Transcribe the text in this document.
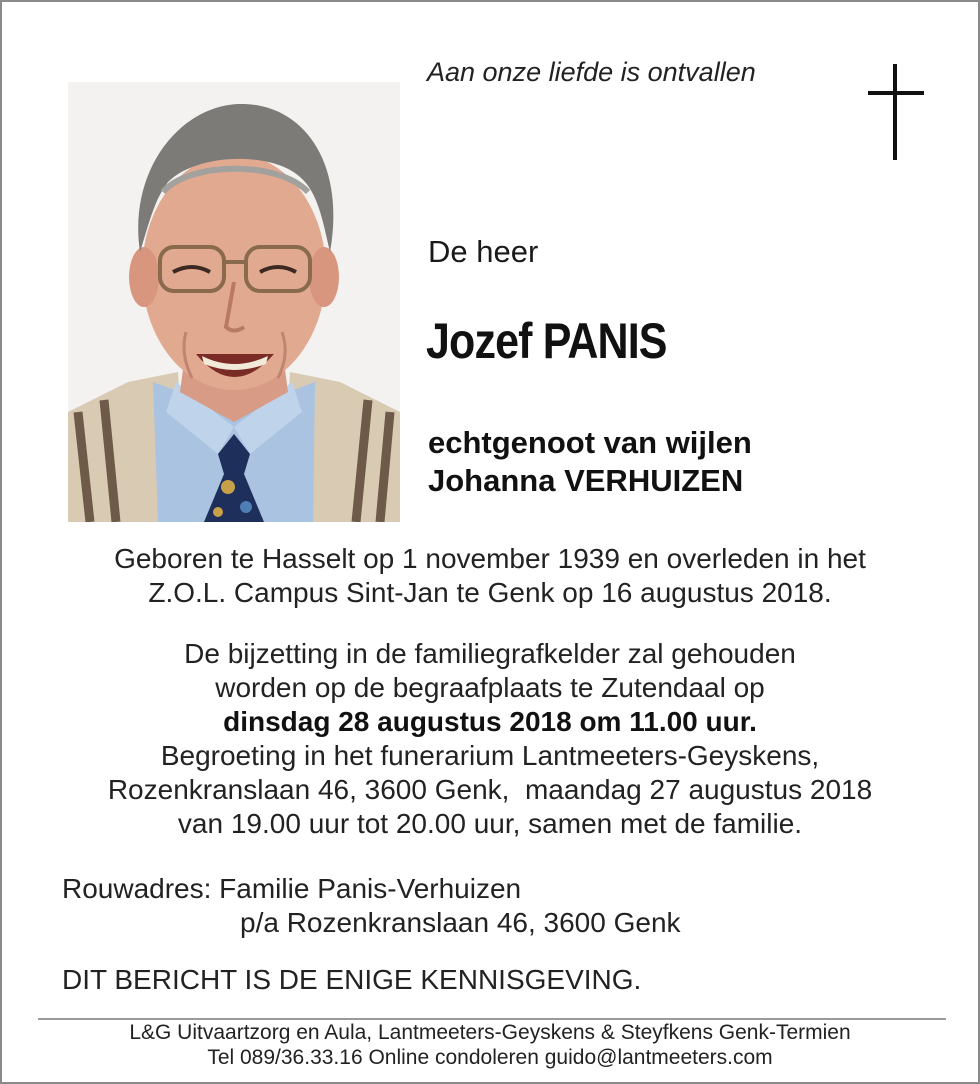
Aan onze liefde is ontvallen
De heer
Jozef PANIS
echtgenoot van wijlen
Johanna VERHUIZEN
Geboren te Hasselt op 1 november 1939 en overleden in het
Z.O.L. Campus Sint-Jan te Genk op 16 augustus 2018.
De bijzetting in de familiegrafkelder zal gehouden
worden op de begraafplaats te Zutendaal op
dinsdag 28 augustus 2018 om 11.00 uur.
Begroeting in het funerarium Lantmeeters-Geyskens,
Rozenkranslaan 46, 3600 Genk,  maandag 27 augustus 2018
van 19.00 uur tot 20.00 uur, samen met de familie.
Rouwadres: Familie Panis-Verhuizen
p/a Rozenkranslaan 46, 3600 Genk
DIT BERICHT IS DE ENIGE KENNISGEVING.
L&G Uitvaartzorg en Aula, Lantmeeters-Geyskens & Steyfkens Genk-Termien
Tel 089/36.33.16 Online condoleren guido@lantmeeters.com
